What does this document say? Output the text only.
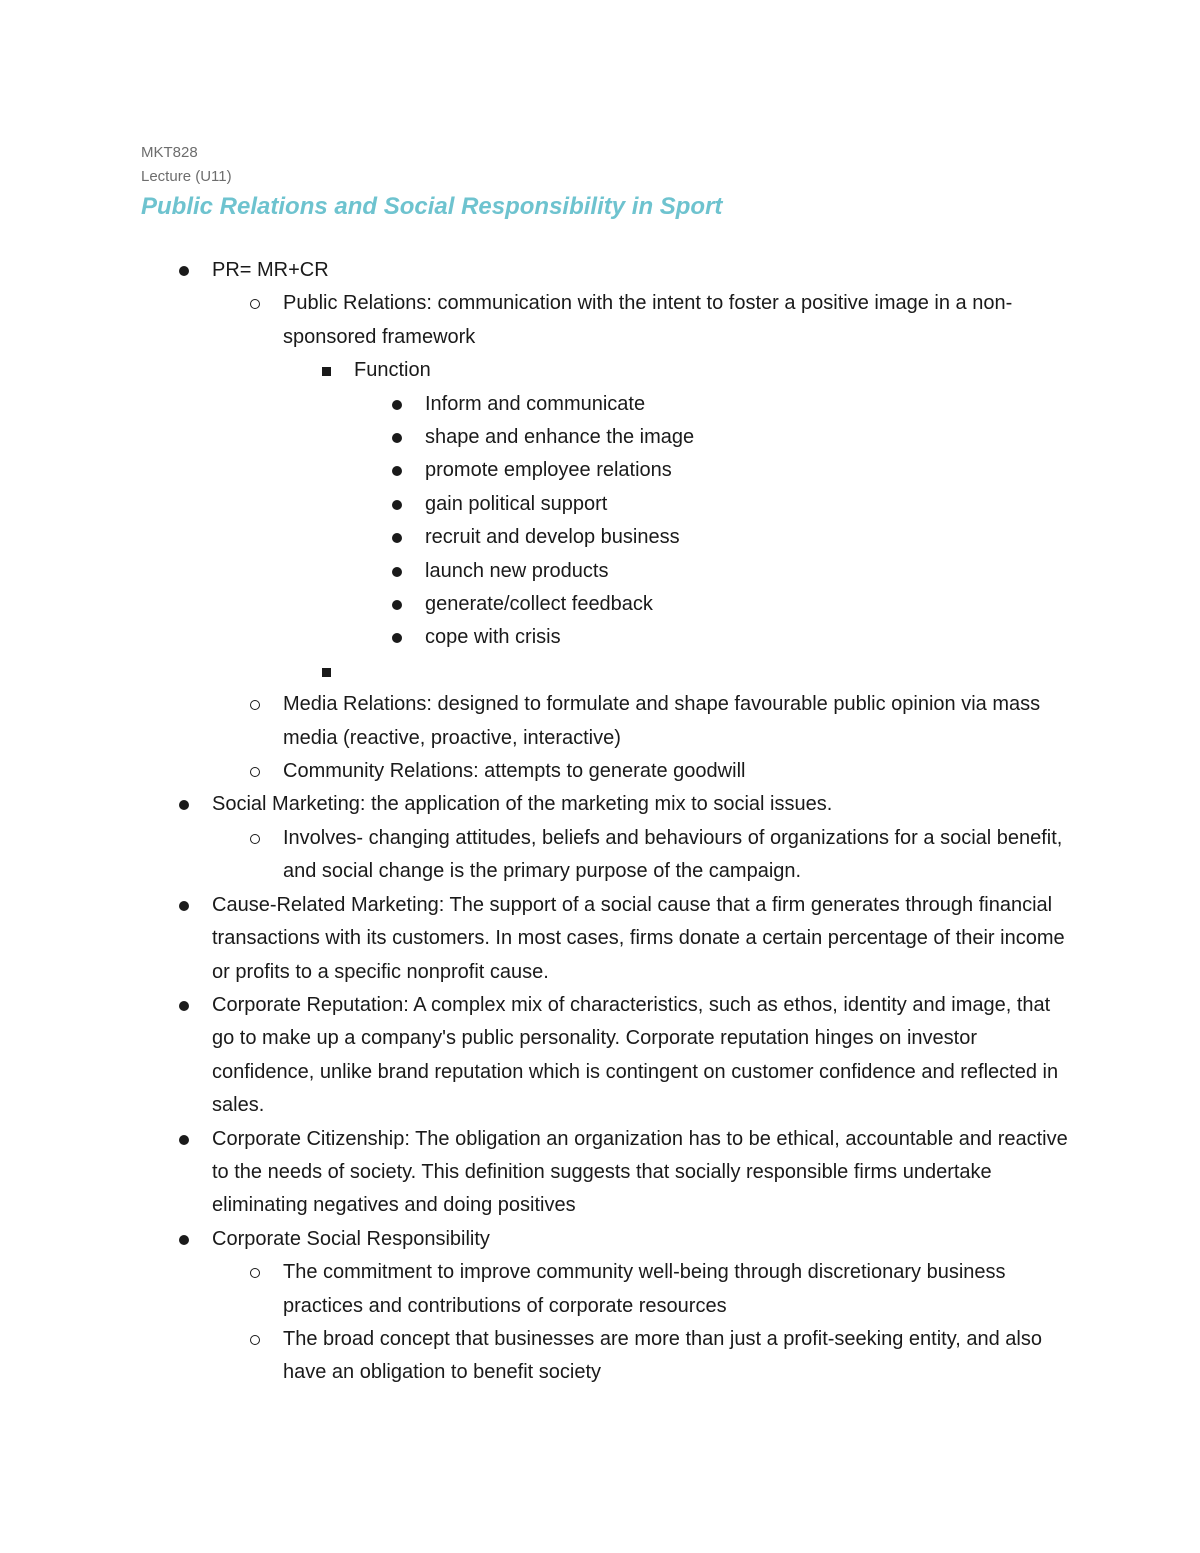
MKT828
Lecture (U11)
Public Relations and Social Responsibility in Sport
PR= MR+CR
Public Relations: communication with the intent to foster a positive image in a non-sponsored framework
Function
Inform and communicate
shape and enhance the image
promote employee relations
gain political support
recruit and develop business
launch new products
generate/collect feedback
cope with crisis
Media Relations: designed to formulate and shape favourable public opinion via mass media (reactive, proactive, interactive)
Community Relations: attempts to generate goodwill
Social Marketing: the application of the marketing mix to social issues.
Involves- changing attitudes, beliefs and behaviours of organizations for a social benefit, and social change is the primary purpose of the campaign.
Cause-Related Marketing: The support of a social cause that a firm generates through financial transactions with its customers. In most cases, firms donate a certain percentage of their income or profits to a specific nonprofit cause.
Corporate Reputation: A complex mix of characteristics, such as ethos, identity and image, that go to make up a company's public personality. Corporate reputation hinges on investor confidence, unlike brand reputation which is contingent on customer confidence and reflected in sales.
Corporate Citizenship: The obligation an organization has to be ethical, accountable and reactive to the needs of society. This definition suggests that socially responsible firms undertake eliminating negatives and doing positives
Corporate Social Responsibility
The commitment to improve community well-being through discretionary business practices and contributions of corporate resources
The broad concept that businesses are more than just a profit-seeking entity, and also have an obligation to benefit society
